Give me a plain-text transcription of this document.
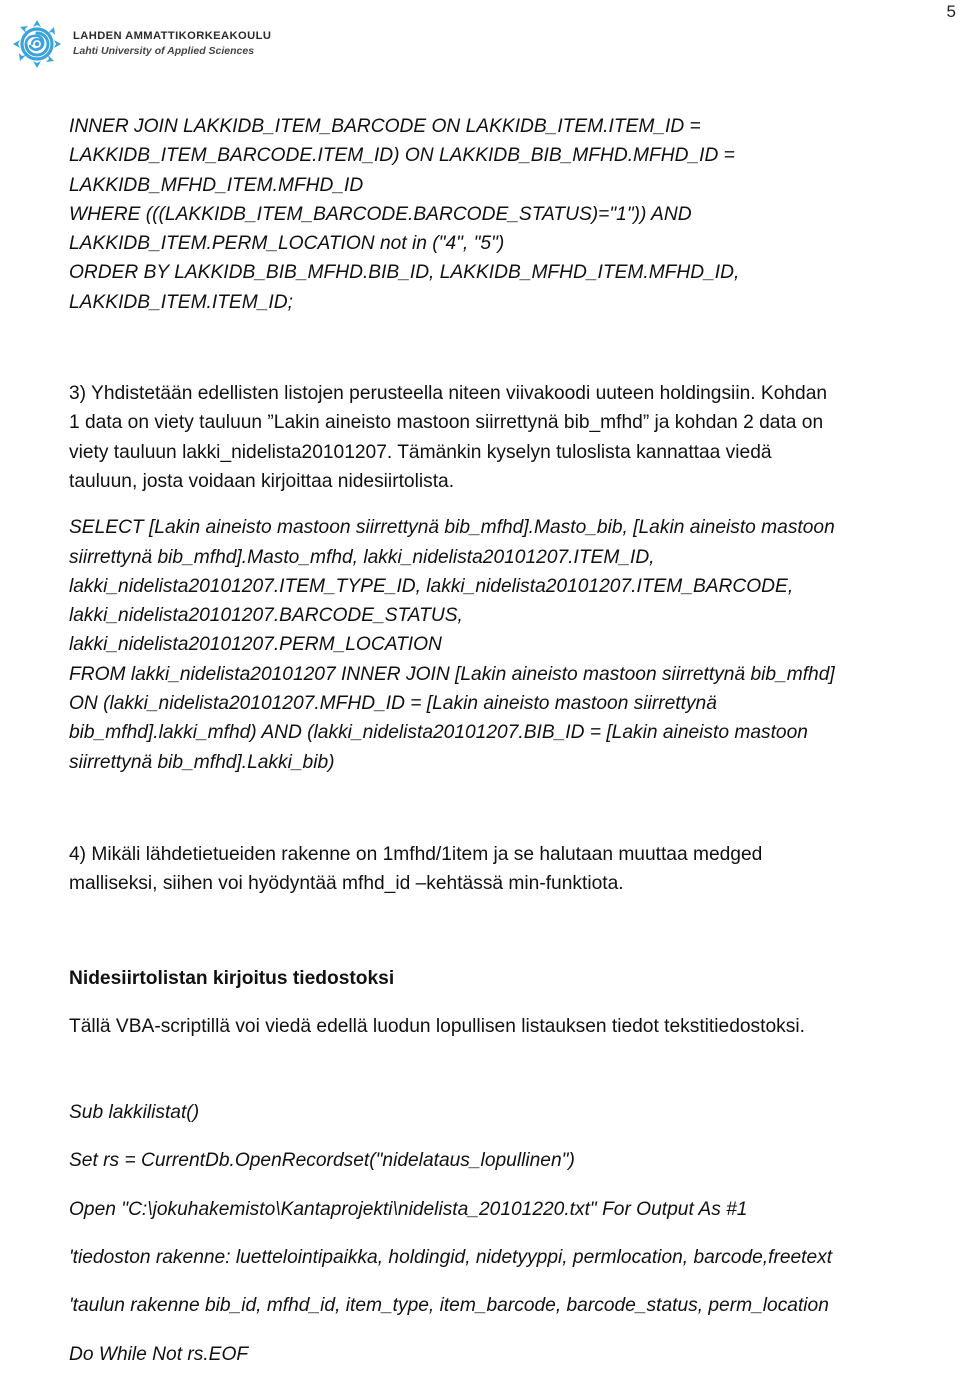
5
LAHDEN AMMATTIKORKEAKOULU
Lahti University of Applied Sciences
INNER JOIN LAKKIDB_ITEM_BARCODE ON LAKKIDB_ITEM.ITEM_ID =
LAKKIDB_ITEM_BARCODE.ITEM_ID) ON LAKKIDB_BIB_MFHD.MFHD_ID =
LAKKIDB_MFHD_ITEM.MFHD_ID
WHERE (((LAKKIDB_ITEM_BARCODE.BARCODE_STATUS)="1")) AND
LAKKIDB_ITEM.PERM_LOCATION not in ("4", "5")
ORDER BY LAKKIDB_BIB_MFHD.BIB_ID, LAKKIDB_MFHD_ITEM.MFHD_ID,
LAKKIDB_ITEM.ITEM_ID;
3) Yhdistetään edellisten listojen perusteella niteen viivakoodi uuteen holdingsiin. Kohdan
1 data on viety tauluun ”Lakin aineisto mastoon siirrettynä bib_mfhd” ja kohdan 2 data on
viety tauluun lakki_nidelista20101207. Tämänkin kyselyn tuloslista kannattaa viedä
tauluun, josta voidaan kirjoittaa nidesiirtolista.
SELECT [Lakin aineisto mastoon siirrettynä bib_mfhd].Masto_bib, [Lakin aineisto mastoon
siirrettynä bib_mfhd].Masto_mfhd, lakki_nidelista20101207.ITEM_ID,
lakki_nidelista20101207.ITEM_TYPE_ID, lakki_nidelista20101207.ITEM_BARCODE,
lakki_nidelista20101207.BARCODE_STATUS,
lakki_nidelista20101207.PERM_LOCATION
FROM lakki_nidelista20101207 INNER JOIN [Lakin aineisto mastoon siirrettynä bib_mfhd]
ON (lakki_nidelista20101207.MFHD_ID = [Lakin aineisto mastoon siirrettynä
bib_mfhd].lakki_mfhd) AND (lakki_nidelista20101207.BIB_ID = [Lakin aineisto mastoon
siirrettynä bib_mfhd].Lakki_bib)
4) Mikäli lähdetietueiden rakenne on 1mfhd/1item ja se halutaan muuttaa medged
malliseksi, siihen voi hyödyntää mfhd_id –kehtässä min-funktiota.
Nidesiirtolistan kirjoitus tiedostoksi
Tällä VBA-scriptillä voi viedä edellä luodun lopullisen listauksen tiedot tekstitiedostoksi.
Sub lakkilistat()
Set rs = CurrentDb.OpenRecordset("nidelataus_lopullinen")
Open "C:\jokuhakemisto\Kantaprojekti\nidelista_20101220.txt" For Output As #1
'tiedoston rakenne: luettelointipaikka, holdingid, nidetyyppi, permlocation, barcode,freetext
'taulun rakenne bib_id, mfhd_id, item_type, item_barcode, barcode_status, perm_location
Do While Not rs.EOF
